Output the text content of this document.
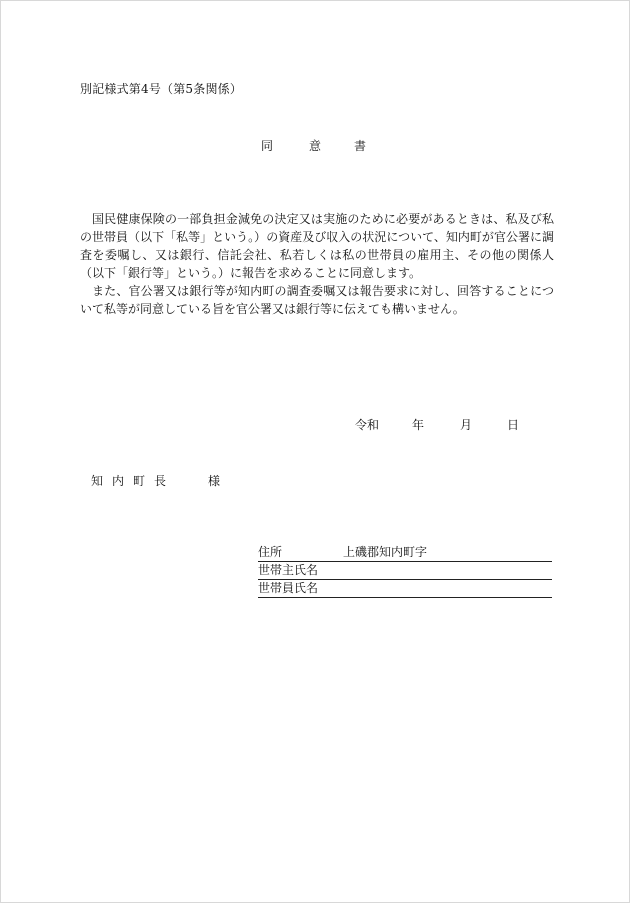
別記様式第4号（第5条関係）
同	意	書

国民健康保険の一部負担金減免の決定又は実施のために必要があるときは、私及び私の世帯員（以下「私等」という。）の資産及び収入の状況について、知内町が官公署に調査を委嘱し、又は銀行、信託会社、私若しくは私の世帯員の雇用主、その他の関係人（以下「銀行等」という。）に報告を求めることに同意します。

また、官公署又は銀行等が知内町の調査委嘱又は報告要求に対し、回答することについて私等が同意している旨を官公署又は銀行等に伝えても構いません。

令和	年	月	日
知内町長	様
住所	上磯郡知内町字
世帯主氏名
世帯員氏名
